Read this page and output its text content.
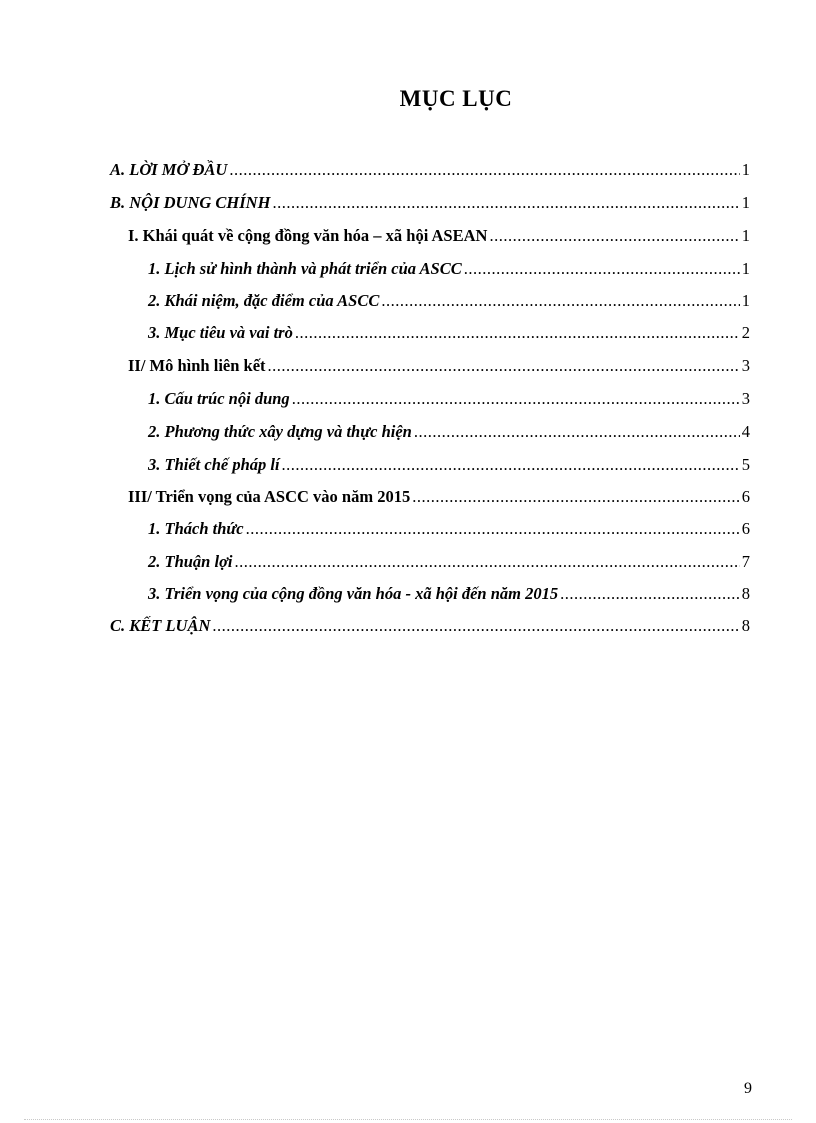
MỤC LỤC
A. LỜI MỞ ĐẦU .....	1
B. NỘI DUNG CHÍNH .....	1
I. Khái quát về cộng đồng văn hóa – xã hội ASEAN .....	1
1. Lịch sử hình thành và phát triển của ASCC .....	1
2. Khái niệm, đặc điểm của ASCC .....	1
3. Mục tiêu và vai trò .....	2
II/ Mô hình liên kết .....	3
1. Cấu trúc nội dung .....	3
2. Phương thức xây dựng và thực hiện .....	4
3. Thiết chế pháp lí .....	5
III/ Triển vọng của ASCC vào năm 2015 .....	6
1. Thách thức .....	6
2. Thuận lợi .....	7
3. Triển vọng của cộng đồng văn hóa - xã hội đến năm 2015 .....	8
C. KẾT LUẬN .....	8
9
